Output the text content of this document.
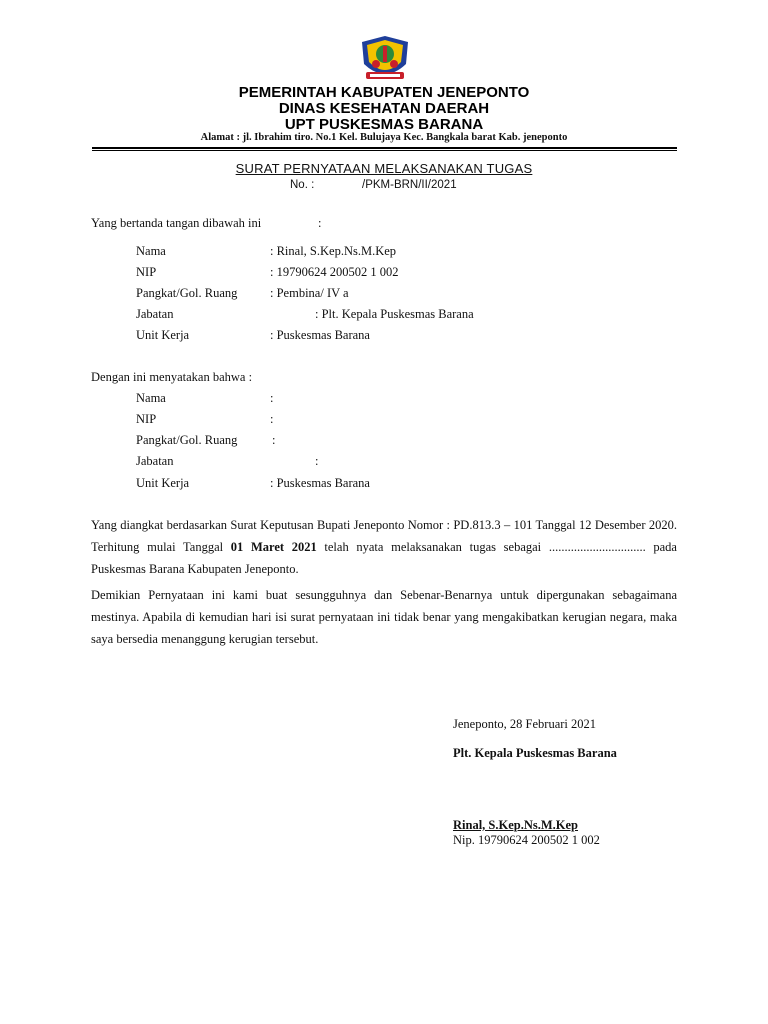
PEMERINTAH KABUPATEN JENEPONTO
DINAS KESEHATAN DAERAH
UPT PUSKESMAS BARANA
Alamat : jl. Ibrahim tiro. No.1 Kel. Bulujaya Kec. Bangkala barat Kab. jeneponto
SURAT PERNYATAAN MELAKSANAKAN TUGAS
No. :	/PKM-BRN/II/2021
Yang bertanda tangan dibawah ini	:
Nama	: Rinal, S.Kep.Ns.M.Kep
NIP	: 19790624 200502 1 002
Pangkat/Gol. Ruang	: Pembina/ IV a
Jabatan	: Plt. Kepala Puskesmas Barana
Unit Kerja	: Puskesmas Barana
Dengan ini menyatakan bahwa :
Nama	:
NIP	:
Pangkat/Gol. Ruang	:
Jabatan	:
Unit Kerja	: Puskesmas Barana
Yang diangkat berdasarkan Surat Keputusan Bupati Jeneponto Nomor : PD.813.3 – 101 Tanggal 12 Desember 2020. Terhitung mulai Tanggal 01 Maret 2021 telah nyata melaksanakan tugas sebagai ............................... pada Puskesmas Barana Kabupaten Jeneponto.
Demikian Pernyataan ini kami buat sesungguhnya dan Sebenar-Benarnya untuk dipergunakan sebagaimana mestinya. Apabila di kemudian hari isi surat pernyataan ini tidak benar yang mengakibatkan kerugian negara, maka saya bersedia menanggung kerugian tersebut.
Jeneponto, 28 Februari 2021
Plt. Kepala Puskesmas Barana
Rinal, S.Kep.Ns.M.Kep
Nip. 19790624 200502 1 002
